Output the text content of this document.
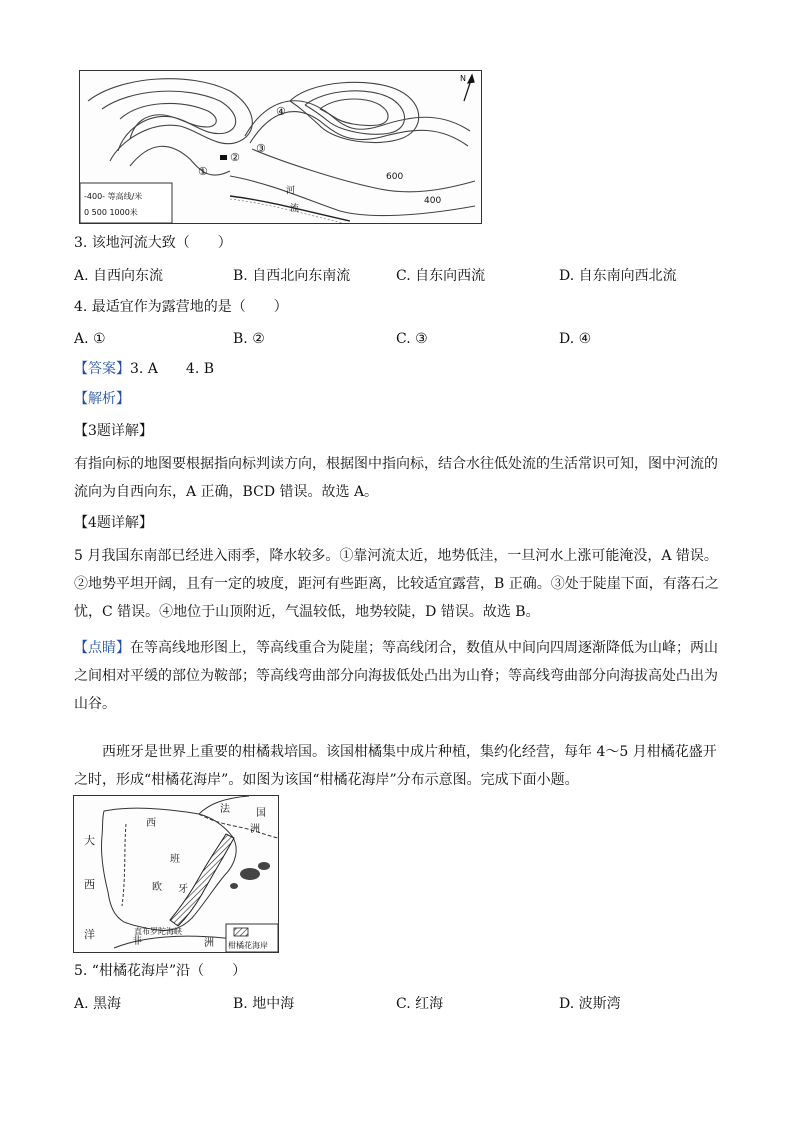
N
600
400
河
流
①
②
③
④
-400- 等高线/米
0 500 1000米
3. 该地河流大致（　　）
A. 自西向东流	B. 自西北向东南流	C. 自东向西流	D. 自东南向西北流
4. 最适宜作为露营地的是（　　）
A. ①	B. ②	C. ③	D. ④
【答案】3. A　　4. B
【解析】
【3题详解】
有指向标的地图要根据指向标判读方向，根据图中指向标，结合水往低处流的生活常识可知，图中河流的流向为自西向东，A 正确，BCD 错误。故选 A。
【4题详解】
5 月我国东南部已经进入雨季，降水较多。①靠河流太近，地势低洼，一旦河水上涨可能淹没，A 错误。②地势平坦开阔，且有一定的坡度，距河有些距离，比较适宜露营，B 正确。③处于陡崖下面，有落石之忧，C 错误。④地位于山顶附近，气温较低，地势较陡，D 错误。故选 B。
【点睛】在等高线地形图上，等高线重合为陡崖；等高线闭合，数值从中间向四周逐渐降低为山峰；两山之间相对平缓的部位为鞍部；等高线弯曲部分向海拔低处凸出为山脊；等高线弯曲部分向海拔高处凸出为山谷。
西班牙是世界上重要的柑橘栽培国。该国柑橘集中成片种植，集约化经营，每年 4～5 月柑橘花盛开之时，形成“柑橘花海岸”。如图为该国“柑橘花海岸”分布示意图。完成下面小题。
大
西
洋
法	国
洲
西
班
牙
欧
非	洲
直布罗陀海峡
柑橘花海岸
5. “柑橘花海岸”沿（　　）
A. 黑海	B. 地中海	C. 红海	D. 波斯湾
